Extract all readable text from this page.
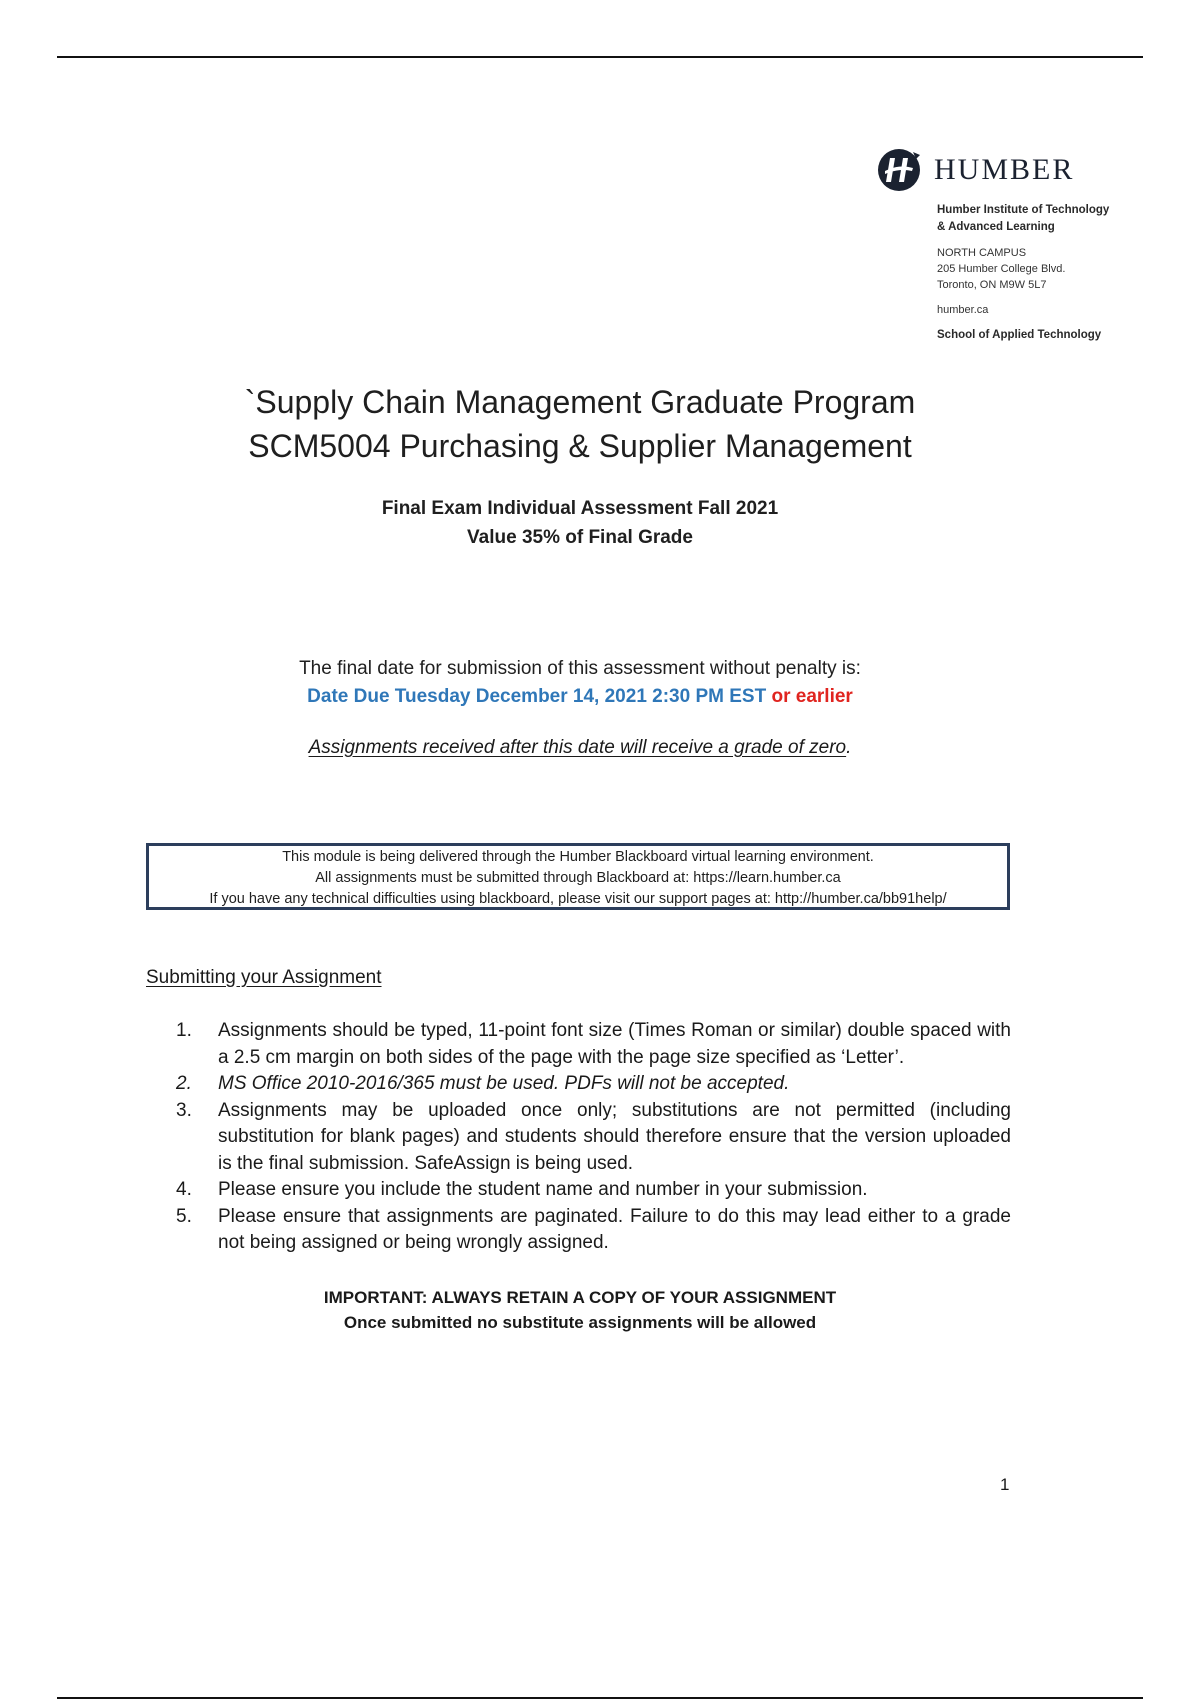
HUMBER
Humber Institute of Technology
& Advanced Learning
NORTH CAMPUS
205 Humber College Blvd.
Toronto, ON M9W 5L7
humber.ca
School of Applied Technology
`Supply Chain Management Graduate Program
SCM5004 Purchasing & Supplier Management
Final Exam Individual Assessment Fall 2021
Value 35% of Final Grade
The final date for submission of this assessment without penalty is:
Date Due Tuesday December 14, 2021 2:30 PM EST or earlier
Assignments received after this date will receive a grade of zero.
This module is being delivered through the Humber Blackboard virtual learning environment.
All assignments must be submitted through Blackboard at: https://learn.humber.ca
If you have any technical difficulties using blackboard, please visit our support pages at: http://humber.ca/bb91help/
Submitting your Assignment
1.	Assignments should be typed, 11-point font size (Times Roman or similar) double spaced with a 2.5 cm margin on both sides of the page with the page size specified as ‘Letter’.
2.	MS Office 2010-2016/365 must be used. PDFs will not be accepted.
3.	Assignments may be uploaded once only; substitutions are not permitted (including substitution for blank pages) and students should therefore ensure that the version uploaded is the final submission. SafeAssign is being used.
4.	Please ensure you include the student name and number in your submission.
5.	Please ensure that assignments are paginated. Failure to do this may lead either to a grade not being assigned or being wrongly assigned.
IMPORTANT: ALWAYS RETAIN A COPY OF YOUR ASSIGNMENT
Once submitted no substitute assignments will be allowed
1
